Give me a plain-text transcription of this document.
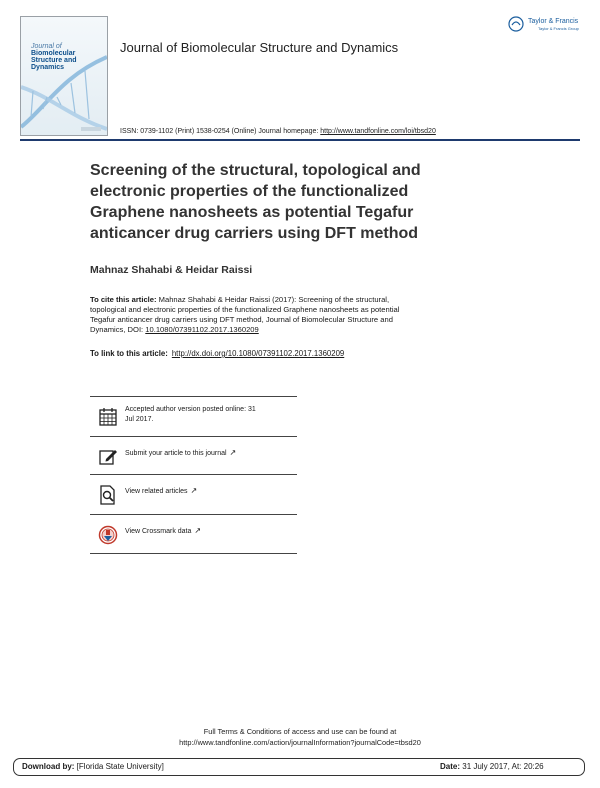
Journal of
Biomolecular
Structure and Dynamics
Taylor & Francis
Taylor & Francis Group
Journal of Biomolecular Structure and Dynamics
ISSN: 0739-1102 (Print) 1538-0254 (Online) Journal homepage: http://www.tandfonline.com/loi/tbsd20
Screening of the structural, topological and
electronic properties of the functionalized
Graphene nanosheets as potential Tegafur
anticancer drug carriers using DFT method
Mahnaz Shahabi & Heidar Raissi
To cite this article: Mahnaz Shahabi & Heidar Raissi (2017): Screening of the structural,
topological and electronic properties of the functionalized Graphene nanosheets as potential
Tegafur anticancer drug carriers using DFT method, Journal of Biomolecular Structure and
Dynamics, DOI: 10.1080/07391102.2017.1360209
To link to this article: http://dx.doi.org/10.1080/07391102.2017.1360209
Accepted author version posted online: 31
Jul 2017.
Submit your article to this journal ↗
View related articles ↗
View Crossmark data ↗
Full Terms & Conditions of access and use can be found at
http://www.tandfonline.com/action/journalInformation?journalCode=tbsd20
Download by: [Florida State University]	Date: 31 July 2017, At: 20:26
